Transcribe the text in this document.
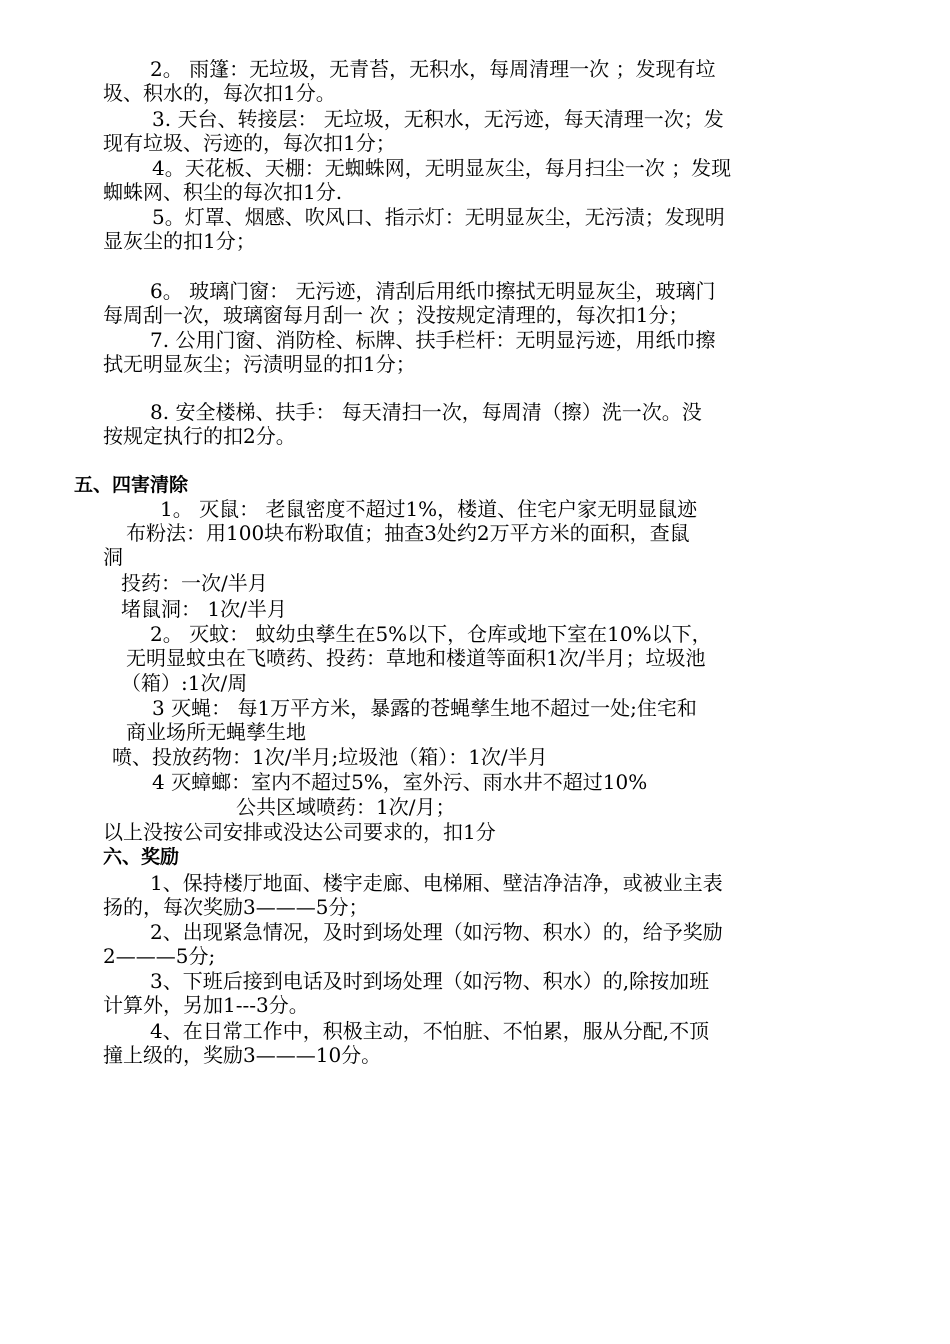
2。 雨篷：无垃圾，无青苔，无积水，每周清理一次 ；发现有垃
圾、积水的，每次扣1分。
3. 天台、转接层： 无垃圾，无积水，无污迹，每天清理一次；发
现有垃圾、污迹的，每次扣1分；
4。天花板、天棚：无蜘蛛网，无明显灰尘，每月扫尘一次 ；发现
蜘蛛网、积尘的每次扣1分.
5。灯罩、烟感、吹风口、指示灯：无明显灰尘，无污渍；发现明
显灰尘的扣1分；
6。 玻璃门窗： 无污迹，清刮后用纸巾擦拭无明显灰尘，玻璃门
每周刮一次，玻璃窗每月刮一 次 ；没按规定清理的，每次扣1分；
7. 公用门窗、消防栓、标牌、扶手栏杆：无明显污迹，用纸巾擦
拭无明显灰尘；污渍明显的扣1分；
8. 安全楼梯、扶手： 每天清扫一次，每周清（擦）洗一次。没
按规定执行的扣2分。
五、四害清除
1。 灭鼠： 老鼠密度不超过1%，楼道、住宅户家无明显鼠迹
布粉法：用100块布粉取值；抽查3处约2万平方米的面积，查鼠
洞
投药：一次/半月
堵鼠洞： 1次/半月
2。 灭蚊： 蚊幼虫孳生在5%以下，仓库或地下室在10%以下，
无明显蚊虫在飞喷药、投药：草地和楼道等面积1次/半月；垃圾池
（箱）:1次/周
3 灭蝇： 每1万平方米，暴露的苍蝇孳生地不超过一处;住宅和
商业场所无蝇孳生地
喷、投放药物：1次/半月;垃圾池（箱）：1次/半月
4 灭蟑螂：室内不超过5%，室外污、雨水井不超过10%
公共区域喷药：1次/月；
以上没按公司安排或没达公司要求的，扣1分
六、奖励
1、保持楼厅地面、楼宇走廊、电梯厢、壁洁净洁净，或被业主表
扬的，每次奖励3———5分；
2、出现紧急情况，及时到场处理（如污物、积水）的，给予奖励
2———5分;
3、下班后接到电话及时到场处理（如污物、积水）的,除按加班
计算外，另加1---3分。
4、在日常工作中，积极主动，不怕脏、不怕累，服从分配,不顶
撞上级的，奖励3———10分。
